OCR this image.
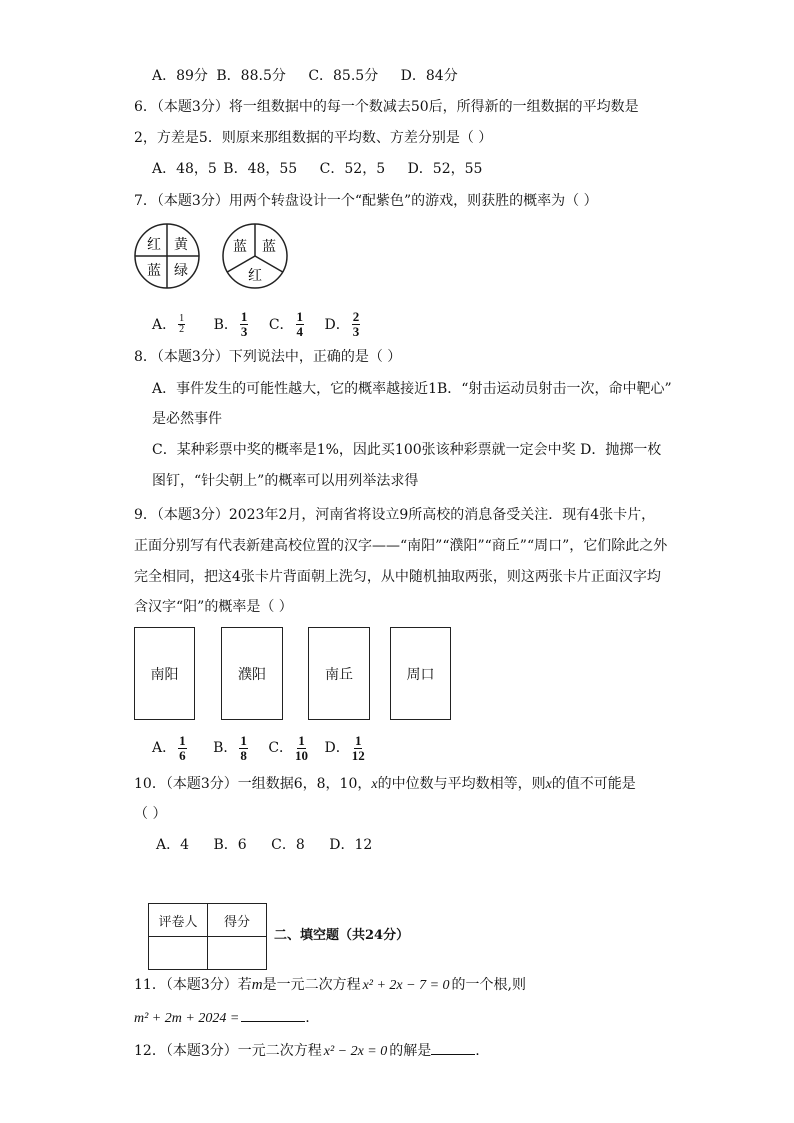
A．89分 B．88.5分 C．85.5分 D．84分
6．（本题3分）将一组数据中的每一个数减去50后，所得新的一组数据的平均数是
2，方差是5．则原来那组数据的平均数、方差分别是（ ）
A．48，5 B．48，55 C．52，5 D．52，55
7．（本题3分）用两个转盘设计一个“配紫色”的游戏，则获胜的概率为（ ）
红 黄
蓝 绿
蓝 蓝
红
A． $\frac{1}{2}$ B． $\frac{1}{3}$ C． $\frac{1}{4}$ D． $\frac{2}{3}$
8．（本题3分）下列说法中，正确的是（ ）
A．事件发生的可能性越大，它的概率越接近1B．“射击运动员射击一次，命中靶心”
是必然事件
C．某种彩票中奖的概率是1%，因此买100张该种彩票就一定会中奖 D．抛掷一枚
图钉，“针尖朝上”的概率可以用列举法求得
9．（本题3分）2023年2月，河南省将设立9所高校的消息备受关注．现有4张卡片，
正面分别写有代表新建高校位置的汉字——“南阳”“濮阳”“商丘”“周口”，它们除此之外
完全相同，把这4张卡片背面朝上洗匀，从中随机抽取两张，则这两张卡片正面汉字均
含汉字“阳”的概率是（ ）
南阳	濮阳	南丘	周口
A． $\frac{1}{6}$ B． $\frac{1}{8}$ C． $\frac{1}{10}$ D． $\frac{1}{12}$
10．（本题3分）一组数据6，8，10，x的中位数与平均数相等，则x的值不可能是
（ ）
A．4 B．6 C．8 D．12
评卷人	得分

二、填空题（共24分）
11．（本题3分）若m是一元二次方程 x² + 2x − 7 = 0 的一个根,则
m² + 2m + 2024 =	.
12．（本题3分）一元二次方程 x² − 2x = 0 的解是	.
